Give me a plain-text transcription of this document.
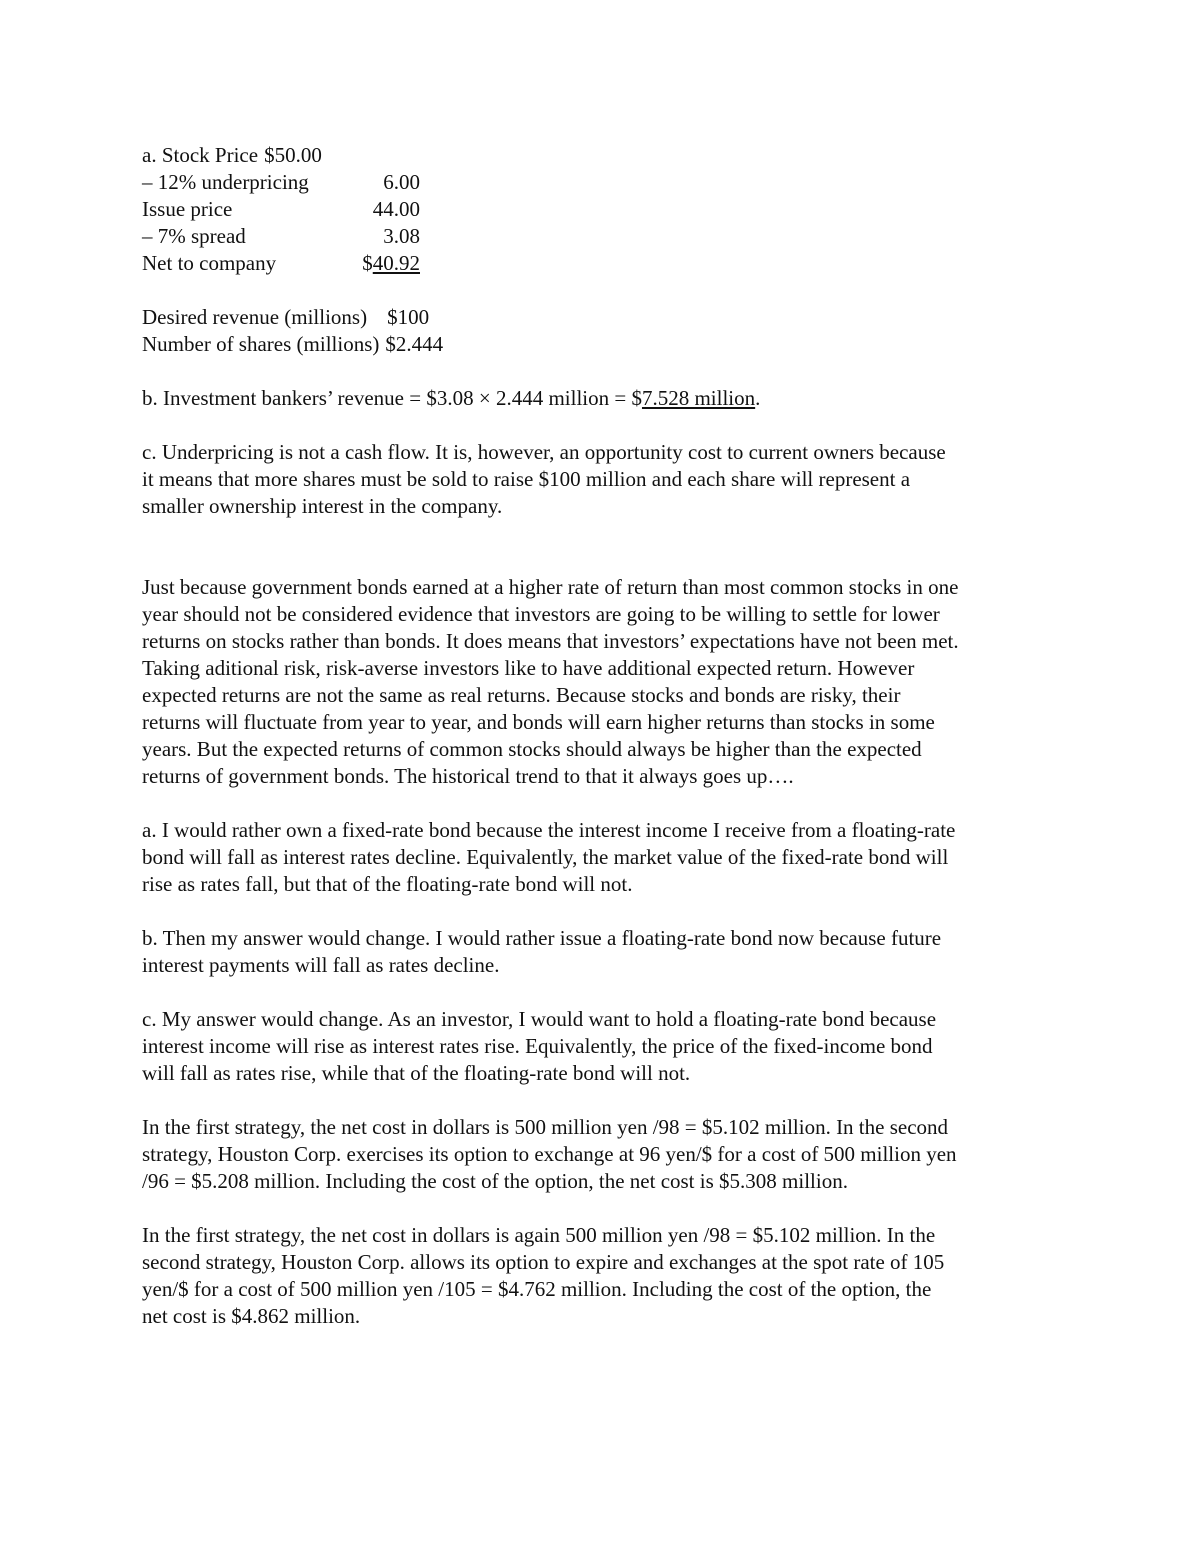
a. Stock Price $50.00
– 12% underpricing	6.00
Issue price	44.00
– 7% spread	3.08
Net to company	$40.92
Desired revenue (millions) $100
Number of shares (millions) $2.444

b. Investment bankers’ revenue = $3.08 × 2.444 million = $7.528 million.

c. Underpricing is not a cash flow. It is, however, an opportunity cost to current owners because
it means that more shares must be sold to raise $100 million and each share will represent a
smaller ownership interest in the company.

Just because government bonds earned at a higher rate of return than most common stocks in one
year should not be considered evidence that investors are going to be willing to settle for lower
returns on stocks rather than bonds. It does means that investors’ expectations have not been met.
Taking aditional risk, risk-averse investors like to have additional expected return. However
expected returns are not the same as real returns. Because stocks and bonds are risky, their
returns will fluctuate from year to year, and bonds will earn higher returns than stocks in some
years. But the expected returns of common stocks should always be higher than the expected
returns of government bonds. The historical trend to that it always goes up….

a. I would rather own a fixed-rate bond because the interest income I receive from a floating-rate
bond will fall as interest rates decline. Equivalently, the market value of the fixed-rate bond will
rise as rates fall, but that of the floating-rate bond will not.

b. Then my answer would change. I would rather issue a floating-rate bond now because future
interest payments will fall as rates decline.

c. My answer would change. As an investor, I would want to hold a floating-rate bond because
interest income will rise as interest rates rise. Equivalently, the price of the fixed-income bond
will fall as rates rise, while that of the floating-rate bond will not.

In the first strategy, the net cost in dollars is 500 million yen /98 = $5.102 million. In the second
strategy, Houston Corp. exercises its option to exchange at 96 yen/$ for a cost of 500 million yen
/96 = $5.208 million. Including the cost of the option, the net cost is $5.308 million.

In the first strategy, the net cost in dollars is again 500 million yen /98 = $5.102 million. In the
second strategy, Houston Corp. allows its option to expire and exchanges at the spot rate of 105
yen/$ for a cost of 500 million yen /105 = $4.762 million. Including the cost of the option, the
net cost is $4.862 million.
